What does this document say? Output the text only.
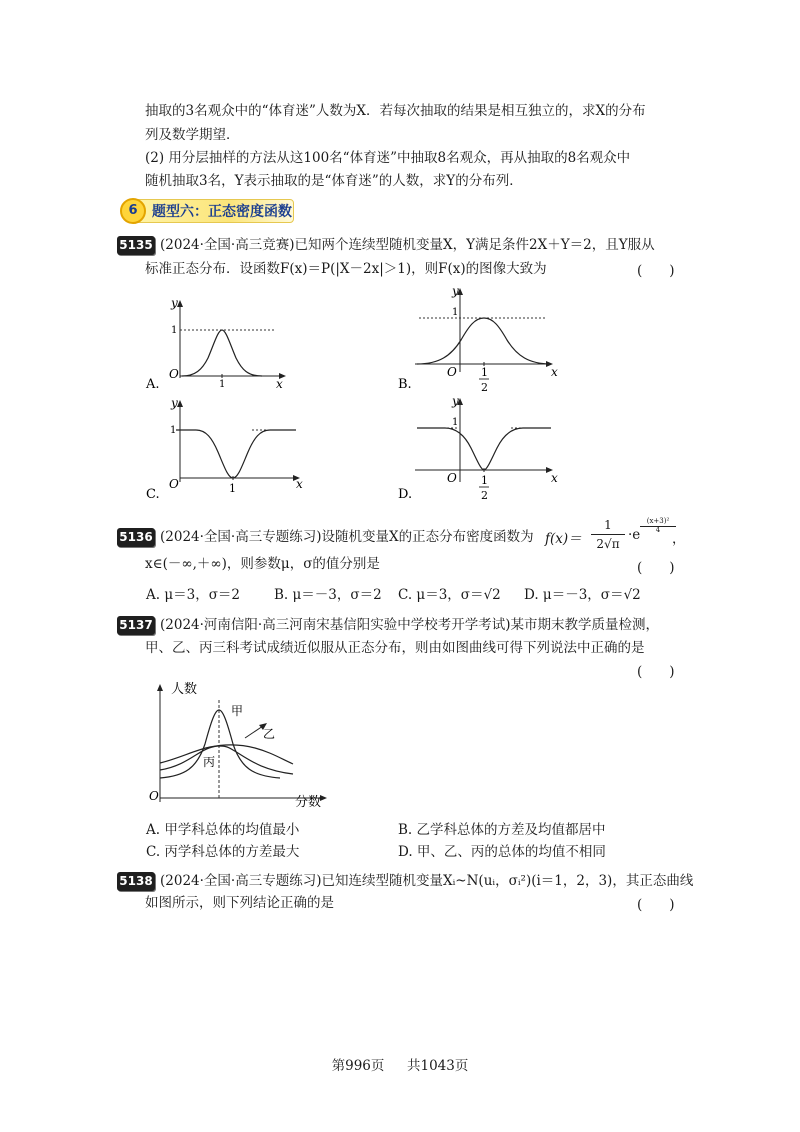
抽取的3名观众中的“体育迷”人数为X．若每次抽取的结果是相互独立的，求X的分布
列及数学期望．
(2) 用分层抽样的方法从这100名“体育迷”中抽取8名观众，再从抽取的8名观众中
随机抽取3名，Y表示抽取的是“体育迷”的人数，求Y的分布列．
6	题型六：正态密度函数
5135 (2024·全国·高三竞赛)已知两个连续型随机变量X，Y满足条件2X＋Y＝2，且Y服从
标准正态分布．设函数F(x)＝P(|X－2x|＞1)，则F(x)的图像大致为	(　　)
y
1
O
1	x
A.
y
1
O 1
2
x
B.
y
1
O	1	x
C.
y
1
O 1
2
x
D.
5136 (2024·全国·高三专题练习)设随机变量X的正态分布密度函数为 f(x)＝
1
2√π
·e
(x+3)²
4
，
x∈(－∞,＋∞)，则参数μ，σ的值分别是	(　　)
A. μ＝3，σ＝2	B. μ＝－3，σ＝2 C. μ＝3，σ＝√2 D. μ＝－3，σ＝√2
5137 (2024·河南信阳·高三河南宋基信阳实验中学校考开学考试)某市期末教学质量检测，
甲、乙、丙三科考试成绩近似服从正态分布，则由如图曲线可得下列说法中正确的是
(　　)
人数
分数
O
甲
乙
丙
A. 甲学科总体的均值最小	B. 乙学科总体的方差及均值都居中
C. 丙学科总体的方差最大	D. 甲、乙、丙的总体的均值不相同
5138 (2024·全国·高三专题练习)已知连续型随机变量Xᵢ~N(uᵢ，σᵢ²)(i＝1，2，3)，其正态曲线
如图所示，则下列结论正确的是	(　　)
第996页 共1043页
